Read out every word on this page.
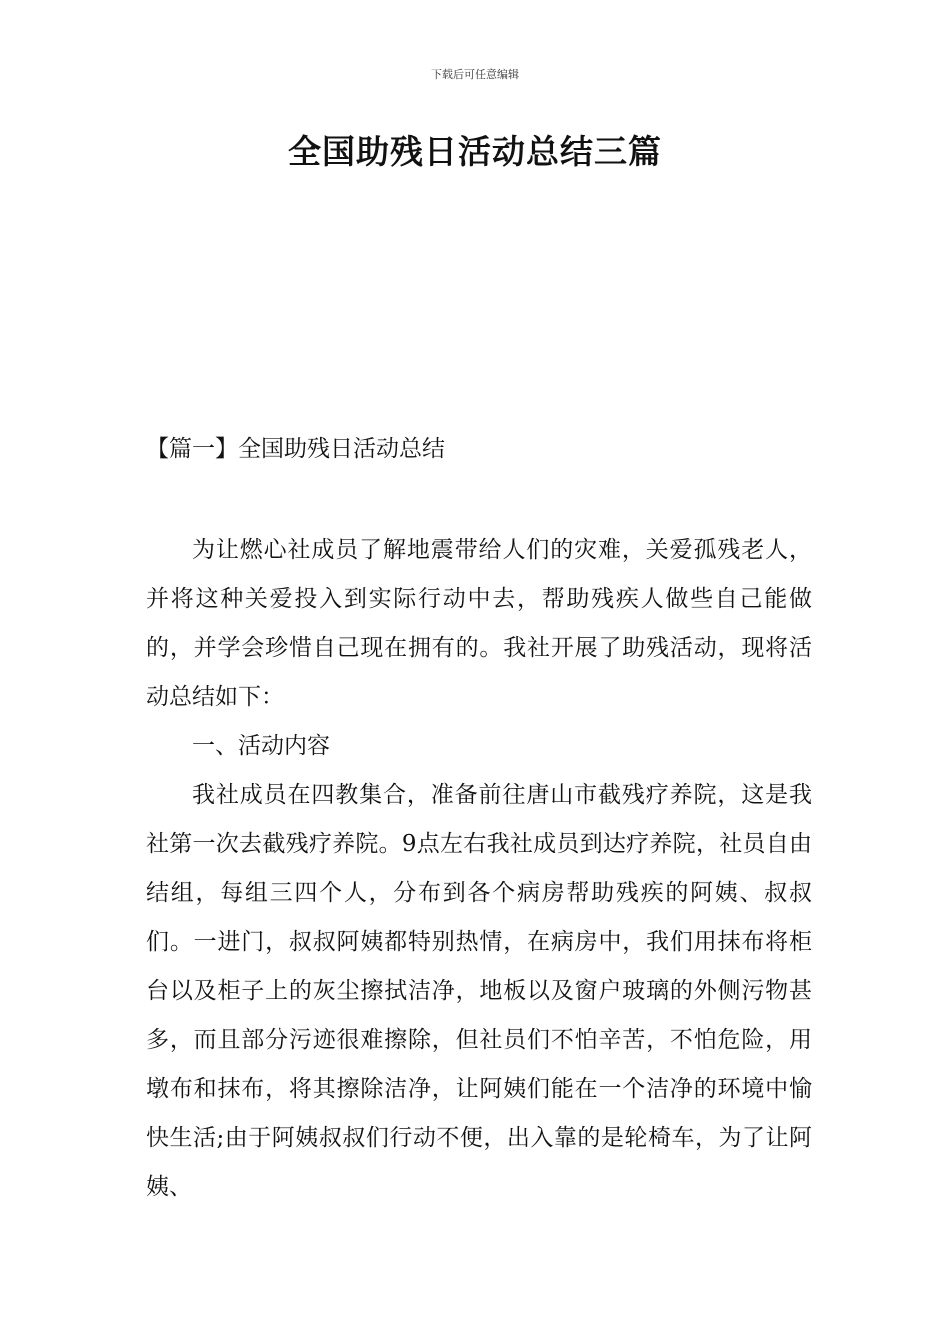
下载后可任意编辑
全国助残日活动总结三篇
【篇一】全国助残日活动总结

为让燃心社成员了解地震带给人们的灾难，关爱孤残老人，并将这种关爱投入到实际行动中去，帮助残疾人做些自己能做的，并学会珍惜自己现在拥有的。我社开展了助残活动，现将活动总结如下：

一、活动内容

我社成员在四教集合，准备前往唐山市截残疗养院，这是我社第一次去截残疗养院。9点左右我社成员到达疗养院，社员自由结组，每组三四个人，分布到各个病房帮助残疾的阿姨、叔叔们。一进门，叔叔阿姨都特别热情，在病房中，我们用抹布将柜台以及柜子上的灰尘擦拭洁净，地板以及窗户玻璃的外侧污物甚多，而且部分污迹很难擦除，但社员们不怕辛苦，不怕危险，用墩布和抹布，将其擦除洁净，让阿姨们能在一个洁净的环境中愉快生活;由于阿姨叔叔们行动不便，出入靠的是轮椅车，为了让阿姨、
